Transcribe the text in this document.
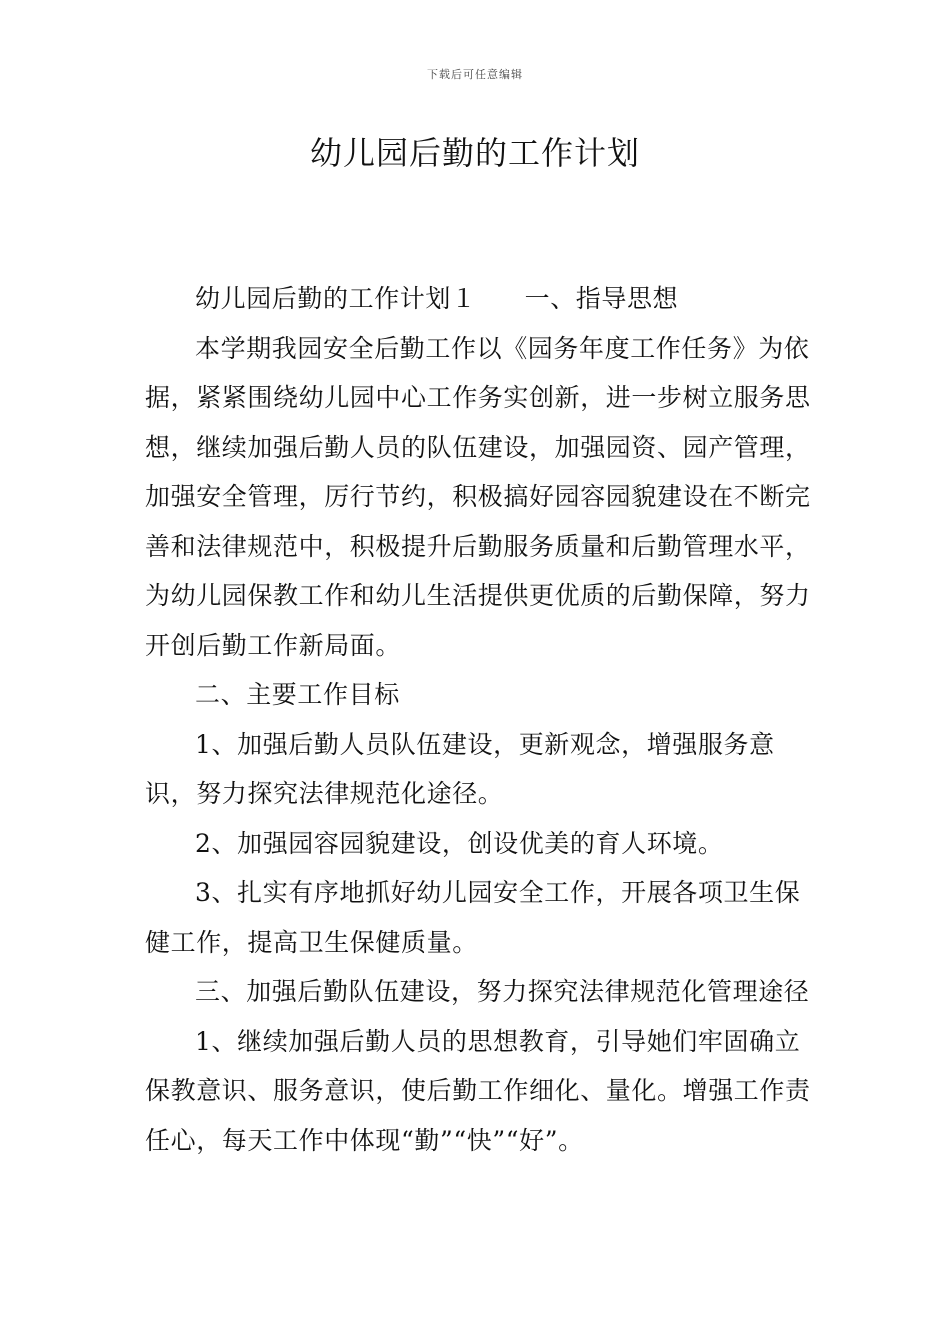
下载后可任意编辑
幼儿园后勤的工作计划

幼儿园后勤的工作计划１ 一、指导思想

本学期我园安全后勤工作以《园务年度工作任务》为依据，紧紧围绕幼儿园中心工作务实创新，进一步树立服务思想，继续加强后勤人员的队伍建设，加强园资、园产管理，加强安全管理，厉行节约，积极搞好园容园貌建设在不断完善和法律规范中，积极提升后勤服务质量和后勤管理水平，为幼儿园保教工作和幼儿生活提供更优质的后勤保障，努力开创后勤工作新局面。

二、主要工作目标

1、加强后勤人员队伍建设，更新观念，增强服务意识，努力探究法律规范化途径。

2、加强园容园貌建设，创设优美的育人环境。

3、扎实有序地抓好幼儿园安全工作，开展各项卫生保健工作，提高卫生保健质量。

三、加强后勤队伍建设，努力探究法律规范化管理途径

1、继续加强后勤人员的思想教育，引导她们牢固确立保教意识、服务意识，使后勤工作细化、量化。增强工作责任心，每天工作中体现“勤”“快”“好”。
